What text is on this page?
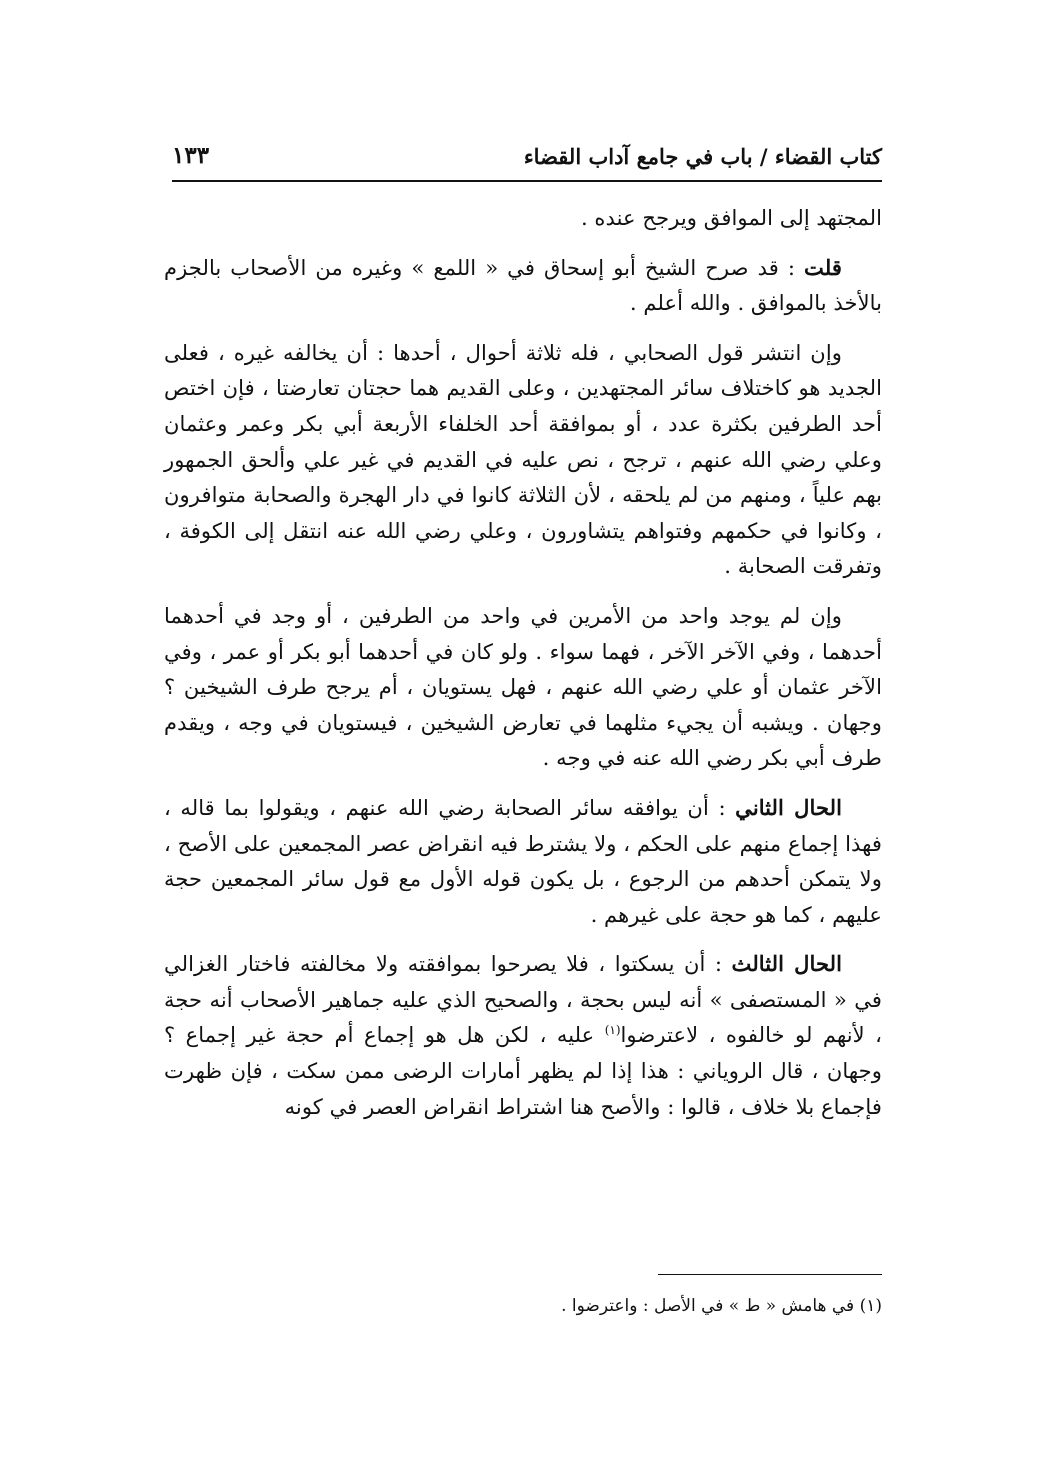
كتاب القضاء / باب في جامع آداب القضاء
١٣٣

المجتهد إلى الموافق ويرجح عنده .

قلت : قد صرح الشيخ أبو إسحاق في « اللمع » وغيره من الأصحاب بالجزم بالأخذ بالموافق . والله أعلم .

وإن انتشر قول الصحابي ، فله ثلاثة أحوال ، أحدها : أن يخالفه غيره ، فعلى الجديد هو كاختلاف سائر المجتهدين ، وعلى القديم هما حجتان تعارضتا ، فإن اختص أحد الطرفين بكثرة عدد ، أو بموافقة أحد الخلفاء الأربعة أبي بكر وعمر وعثمان وعلي رضي الله عنهم ، ترجح ، نص عليه في القديم في غير علي وألحق الجمهور بهم علياً ، ومنهم من لم يلحقه ، لأن الثلاثة كانوا في دار الهجرة والصحابة متوافرون ، وكانوا في حكمهم وفتواهم يتشاورون ، وعلي رضي الله عنه انتقل إلى الكوفة ، وتفرقت الصحابة .

وإن لم يوجد واحد من الأمرين في واحد من الطرفين ، أو وجد في أحدهما أحدهما ، وفي الآخر الآخر ، فهما سواء . ولو كان في أحدهما أبو بكر أو عمر ، وفي الآخر عثمان أو علي رضي الله عنهم ، فهل يستويان ، أم يرجح طرف الشيخين ؟ وجهان . ويشبه أن يجيء مثلهما في تعارض الشيخين ، فيستويان في وجه ، ويقدم طرف أبي بكر رضي الله عنه في وجه .

الحال الثاني : أن يوافقه سائر الصحابة رضي الله عنهم ، ويقولوا بما قاله ، فهذا إجماع منهم على الحكم ، ولا يشترط فيه انقراض عصر المجمعين على الأصح ، ولا يتمكن أحدهم من الرجوع ، بل يكون قوله الأول مع قول سائر المجمعين حجة عليهم ، كما هو حجة على غيرهم .

الحال الثالث : أن يسكتوا ، فلا يصرحوا بموافقته ولا مخالفته فاختار الغزالي في « المستصفى » أنه ليس بحجة ، والصحيح الذي عليه جماهير الأصحاب أنه حجة ، لأنهم لو خالفوه ، لاعترضوا$^{(١)}$ عليه ، لكن هل هو إجماع أم حجة غير إجماع ؟ وجهان ، قال الروياني : هذا إذا لم يظهر أمارات الرضى ممن سكت ، فإن ظهرت فإجماع بلا خلاف ، قالوا : والأصح هنا اشتراط انقراض العصر في كونه

(١) في هامش « ط » في الأصل : واعترضوا .
